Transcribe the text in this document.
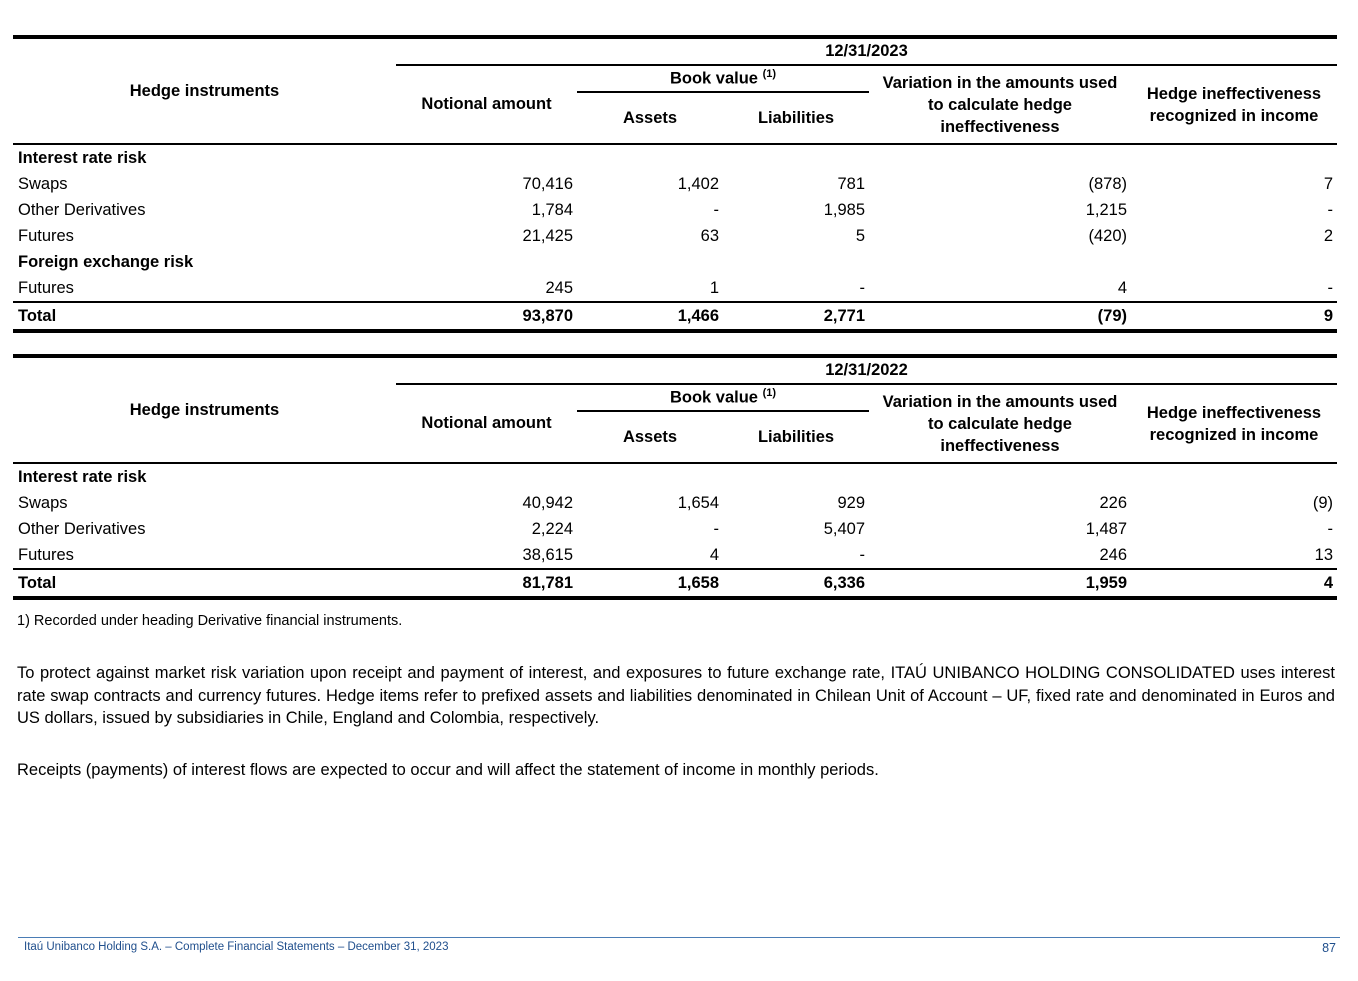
Hedge instruments	12/31/2023				
	Notional amount	Book value $^{(1)}$		Variation in the amounts used to calculate hedge ineffectiveness	Hedge ineffectiveness recognized in income
		Assets	Liabilities		
Interest rate risk					
Swaps	70,416	1,402	781	(878)	7
Other Derivatives	1,784	-	1,985	1,215	-
Futures	21,425	63	5	(420)	2
Foreign exchange risk					
Futures	245	1	-	4	-
Total	93,870	1,466	2,771	(79)	9

Hedge instruments	12/31/2022				
	Notional amount	Book value $^{(1)}$		Variation in the amounts used to calculate hedge ineffectiveness	Hedge ineffectiveness recognized in income
		Assets	Liabilities		
Interest rate risk					
Swaps	40,942	1,654	929	226	(9)
Other Derivatives	2,224	-	5,407	1,487	-
Futures	38,615	4	-	246	13
Total	81,781	1,658	6,336	1,959	4
1) Recorded under heading Derivative financial instruments.

To protect against market risk variation upon receipt and payment of interest, and exposures to future exchange rate, ITAÚ UNIBANCO HOLDING CONSOLIDATED uses interest rate swap contracts and currency futures. Hedge items refer to prefixed assets and liabilities denominated in Chilean Unit of Account – UF, fixed rate and denominated in Euros and US dollars, issued by subsidiaries in Chile, England and Colombia, respectively.

Receipts (payments) of interest flows are expected to occur and will affect the statement of income in monthly periods.

Itaú Unibanco Holding S.A. – Complete Financial Statements – December 31, 2023	87
